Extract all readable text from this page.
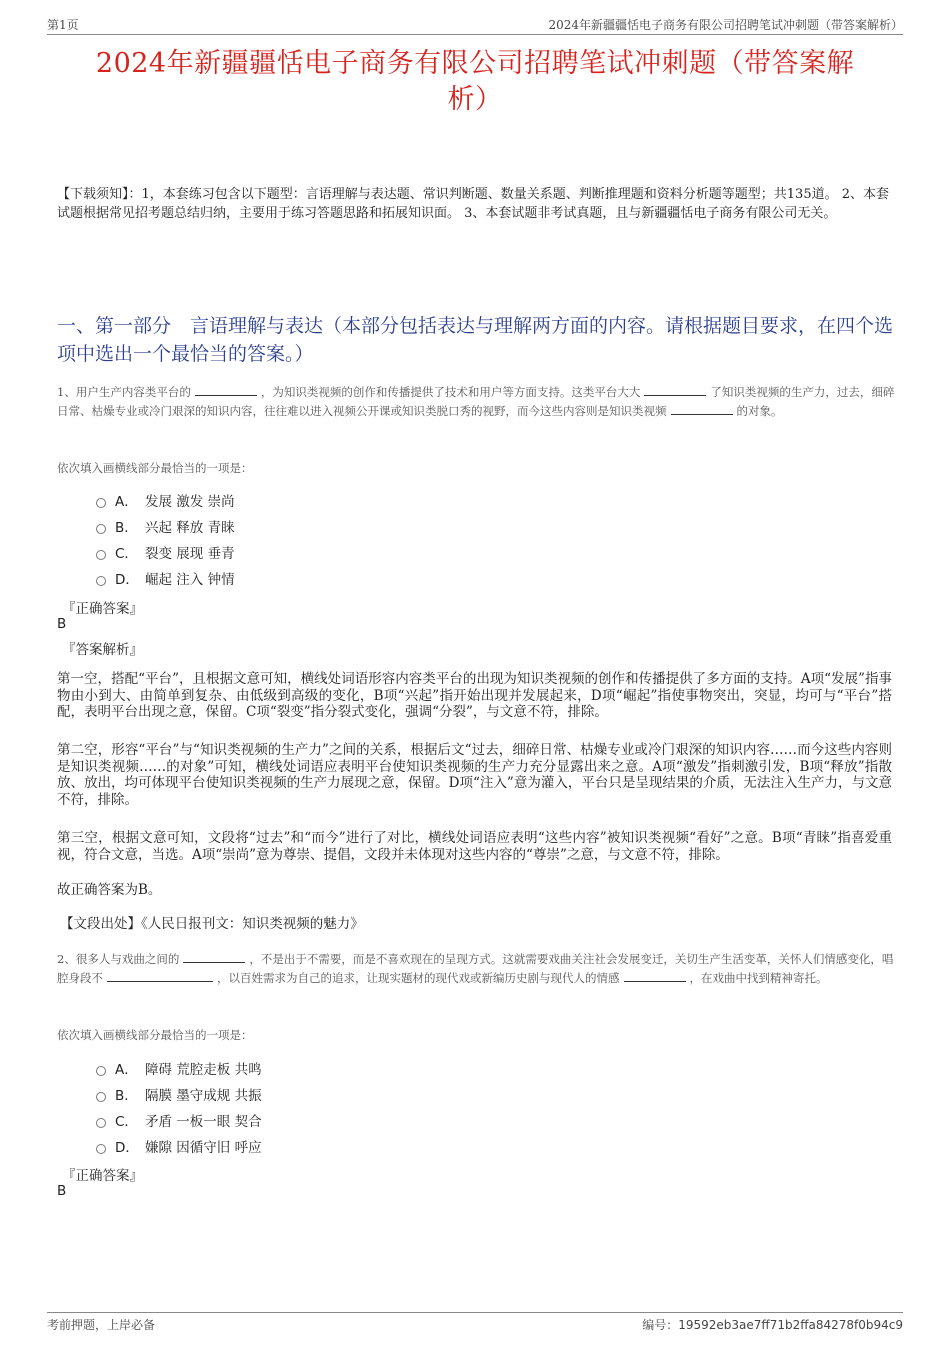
第1页	2024年新疆疆恬电子商务有限公司招聘笔试冲刺题（带答案解析）
2024年新疆疆恬电子商务有限公司招聘笔试冲刺题（带答案解
析）
【下载须知】：1，本套练习包含以下题型：言语理解与表达题、常识判断题、数量关系题、判断推理题和资料分析题等题型；共135道。 2、本套试题根据常见招考题总结归纳，主要用于练习答题思路和拓展知识面。 3、本套试题非考试真题，且与新疆疆恬电子商务有限公司无关。
一、第一部分　言语理解与表达（本部分包括表达与理解两方面的内容。请根据题目要求，在四个选项中选出一个最恰当的答案。）
1、用户生产内容类平台的	，为知识类视频的创作和传播提供了技术和用户等方面支持。这类平台大大	了知识类视频的生产力，过去，细碎日常、枯燥专业或冷门艰深的知识内容，往往难以进入视频公开课或知识类脱口秀的视野，而今这些内容则是知识类视频	的对象。
依次填入画横线部分最恰当的一项是：
A． 发展 激发 崇尚
B． 兴起 释放 青睐
C． 裂变 展现 垂青
D． 崛起 注入 钟情
『正确答案』
B
『答案解析』
第一空，搭配“平台”，且根据文意可知，横线处词语形容内容类平台的出现为知识类视频的创作和传播提供了多方面的支持。A项“发展”指事物由小到大、由简单到复杂、由低级到高级的变化，B项“兴起”指开始出现并发展起来，D项“崛起”指使事物突出，突显，均可与“平台”搭配，表明平台出现之意，保留。C项“裂变”指分裂式变化，强调“分裂”，与文意不符，排除。
第二空，形容“平台”与“知识类视频的生产力”之间的关系，根据后文“过去，细碎日常、枯燥专业或冷门艰深的知识内容……而今这些内容则是知识类视频……的对象”可知，横线处词语应表明平台使知识类视频的生产力充分显露出来之意。A项“激发”指刺激引发，B项“释放”指散放、放出，均可体现平台使知识类视频的生产力展现之意，保留。D项“注入”意为灌入，平台只是呈现结果的介质，无法注入生产力，与文意不符，排除。
第三空，根据文意可知，文段将“过去”和“而今”进行了对比，横线处词语应表明“这些内容”被知识类视频“看好”之意。B项“青睐”指喜爱重视，符合文意，当选。A项“崇尚”意为尊崇、提倡，文段并未体现对这些内容的“尊崇”之意，与文意不符，排除。
故正确答案为B。
【文段出处】《人民日报刊文：知识类视频的魅力》
2、很多人与戏曲之间的	，不是出于不需要，而是不喜欢现在的呈现方式。这就需要戏曲关注社会发展变迁，关切生产生活变革，关怀人们情感变化，唱腔身段不	，以百姓需求为自己的追求，让现实题材的现代戏或新编历史剧与现代人的情感	，在戏曲中找到精神寄托。
依次填入画横线部分最恰当的一项是：
A． 障碍 荒腔走板 共鸣
B． 隔膜 墨守成规 共振
C． 矛盾 一板一眼 契合
D． 嫌隙 因循守旧 呼应
『正确答案』
B
考前押题，上岸必备	编号：19592eb3ae7ff71b2ffa84278f0b94c9
